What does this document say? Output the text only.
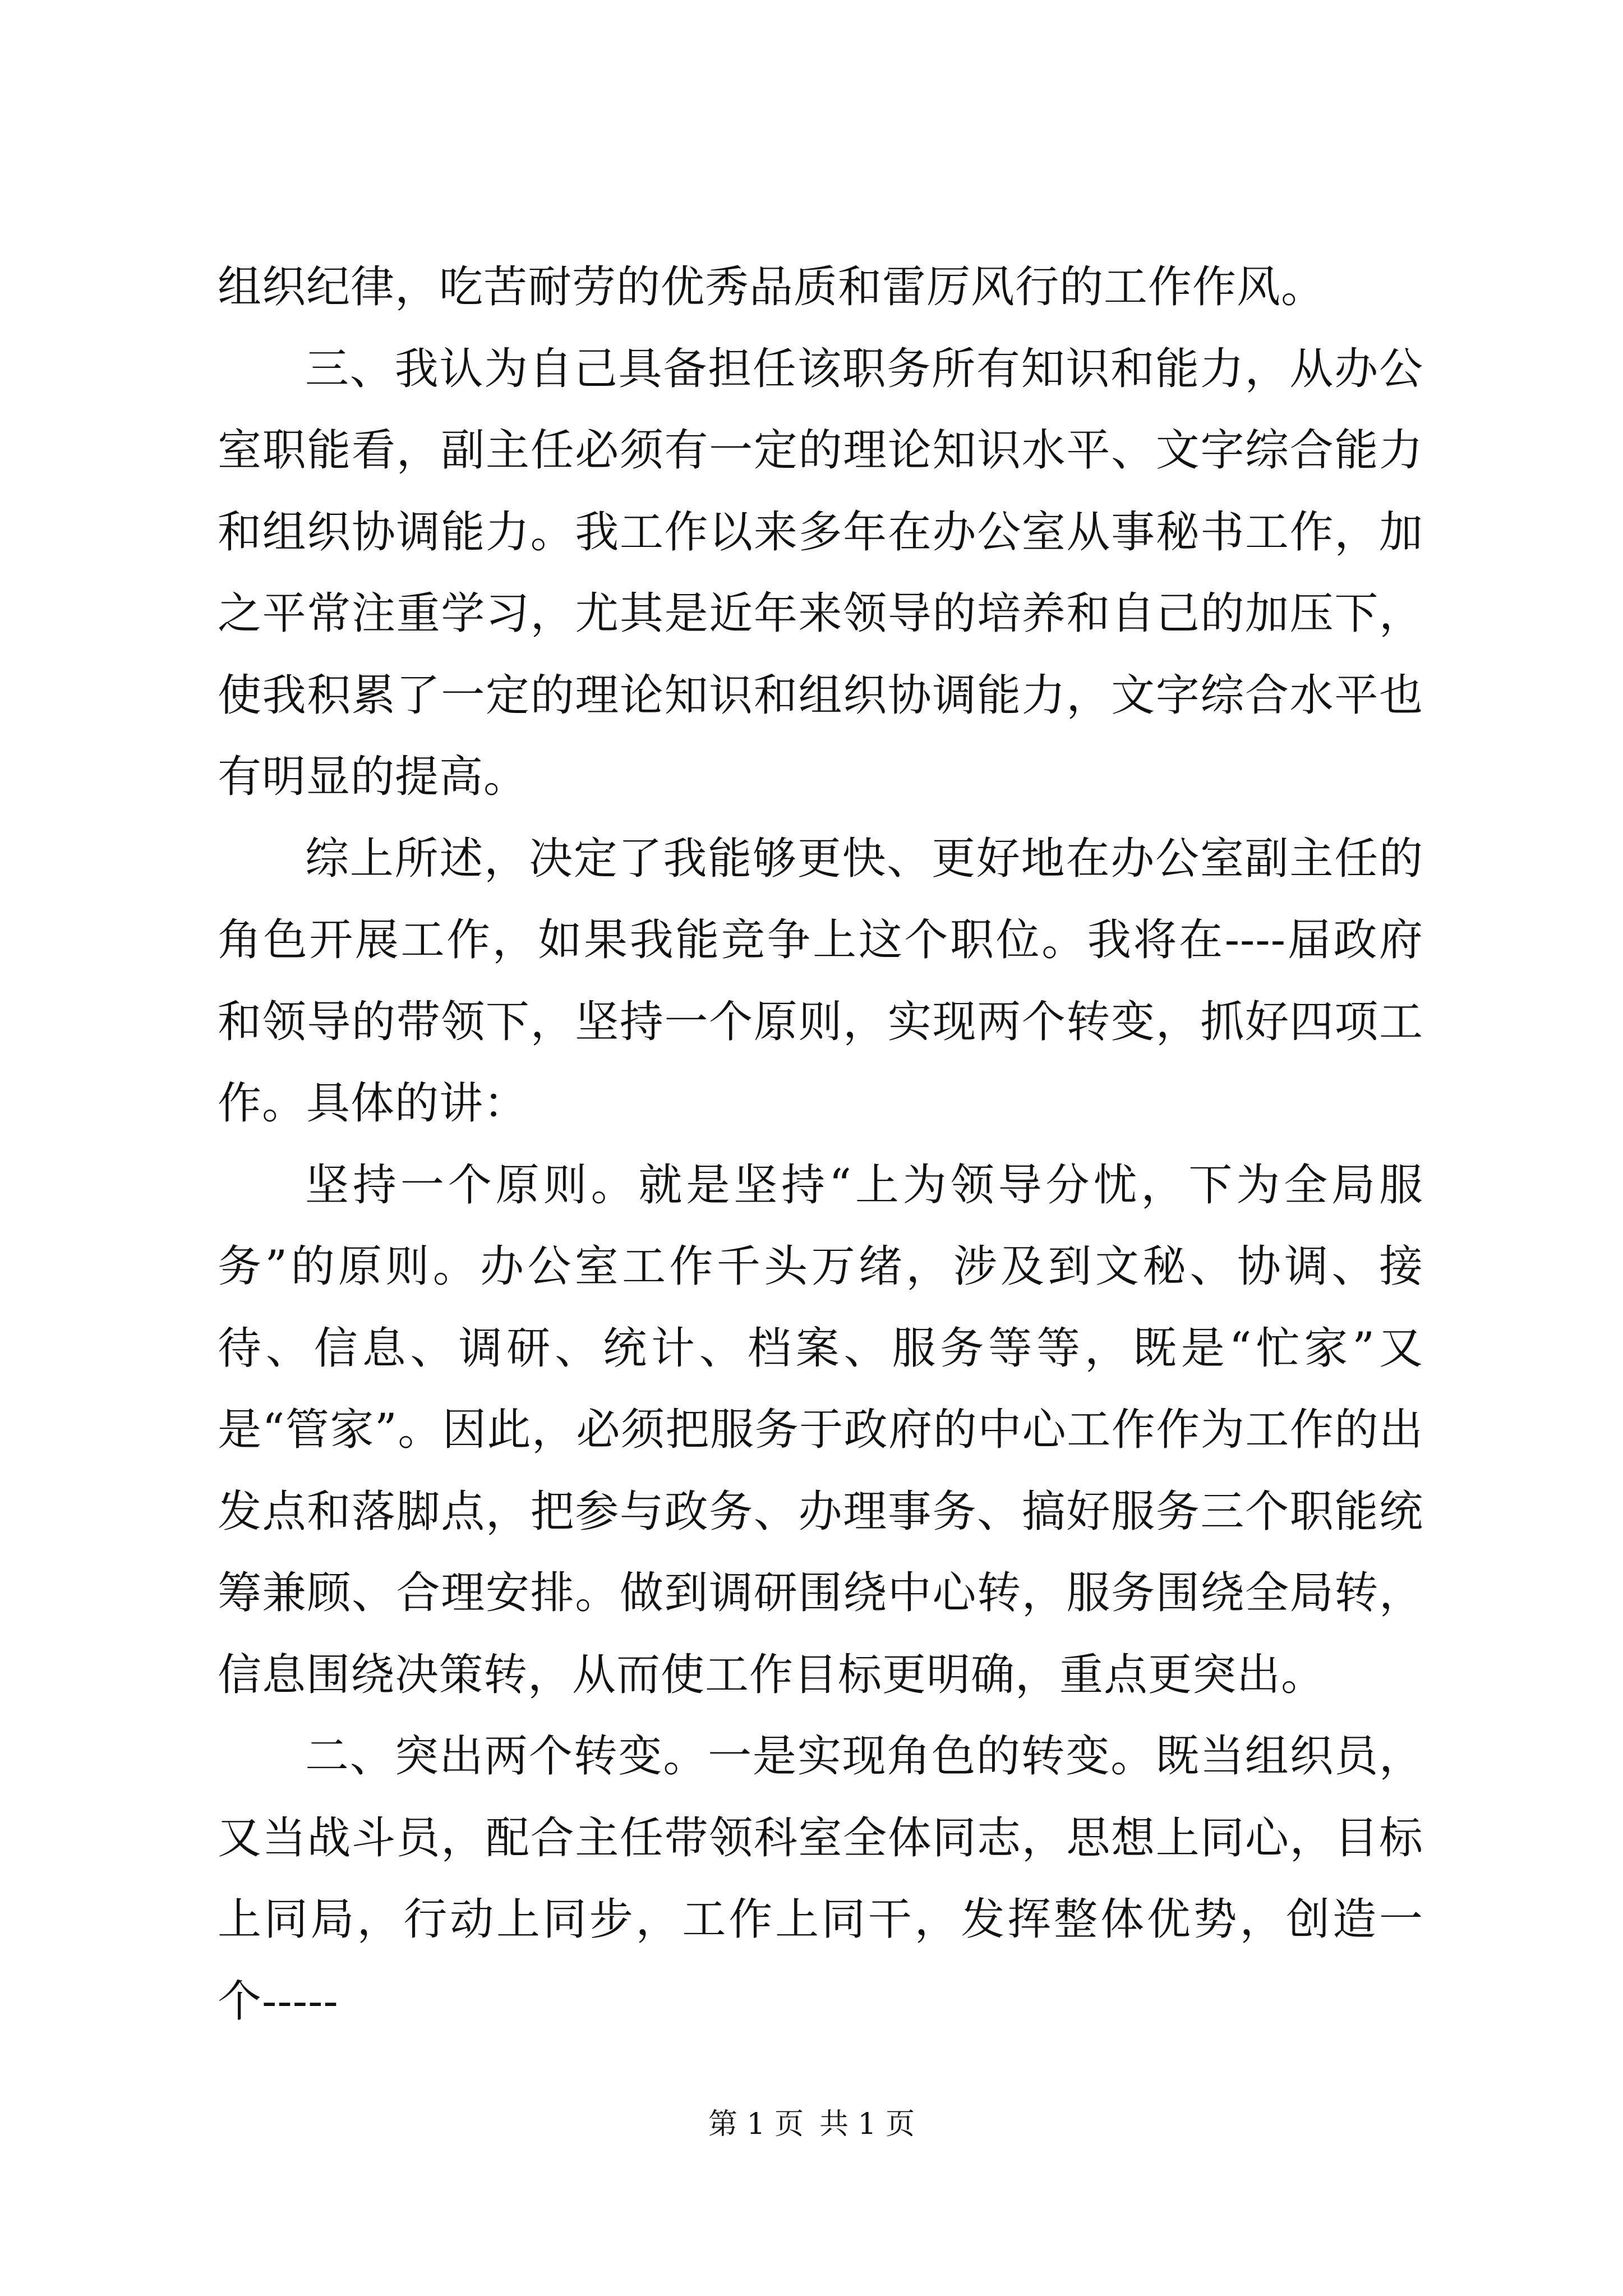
组织纪律，吃苦耐劳的优秀品质和雷厉风行的工作作风。

三、我认为自己具备担任该职务所有知识和能力，从办公室职能看，副主任必须有一定的理论知识水平、文字综合能力和组织协调能力。我工作以来多年在办公室从事秘书工作，加之平常注重学习，尤其是近年来领导的培养和自己的加压下，使我积累了一定的理论知识和组织协调能力，文字综合水平也有明显的提高。

综上所述，决定了我能够更快、更好地在办公室副主任的角色开展工作，如果我能竞争上这个职位。我将在----届政府和领导的带领下，坚持一个原则，实现两个转变，抓好四项工作。具体的讲：

坚持一个原则。就是坚持“上为领导分忧，下为全局服务”的原则。办公室工作千头万绪，涉及到文秘、协调、接待、信息、调研、统计、档案、服务等等，既是“忙家”又是“管家”。因此，必须把服务于政府的中心工作作为工作的出发点和落脚点，把参与政务、办理事务、搞好服务三个职能统筹兼顾、合理安排。做到调研围绕中心转，服务围绕全局转，信息围绕决策转，从而使工作目标更明确，重点更突出。

二、突出两个转变。一是实现角色的转变。既当组织员，又当战斗员，配合主任带领科室全体同志，思想上同心，目标上同局，行动上同步，工作上同干，发挥整体优势，创造一个-----

第 1 页 共 1 页
